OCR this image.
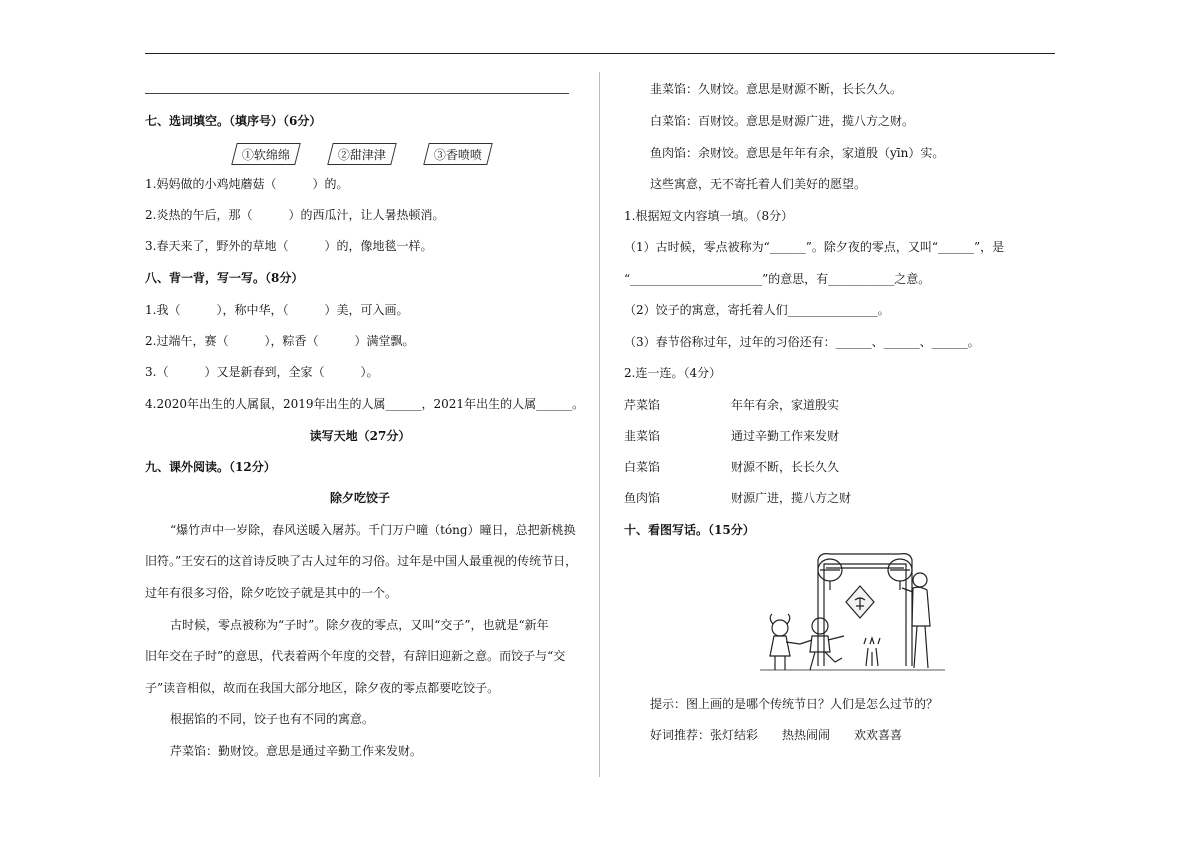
七、选词填空。（填序号）（6分）
①软绵绵	②甜津津	③香喷喷
1.妈妈做的小鸡炖蘑菇（　　　）的。
2.炎热的午后，那（　　　）的西瓜汁，让人暑热顿消。
3.春天来了，野外的草地（　　　）的，像地毯一样。
八、背一背，写一写。（8分）
1.我（　　　），称中华，（　　　）美，可入画。
2.过端午，赛（　　　），粽香（　　　）满堂飘。
3.（　　　）又是新春到，全家（　　　）。
4.2020年出生的人属鼠，2019年出生的人属______，2021年出生的人属______。
读写天地（27分）
九、课外阅读。（12分）
除夕吃饺子
“爆竹声中一岁除，春风送暖入屠苏。千门万户曈（tóng）曈日，总把新桃换
旧符。”王安石的这首诗反映了古人过年的习俗。过年是中国人最重视的传统节日，
过年有很多习俗，除夕吃饺子就是其中的一个。
古时候，零点被称为“子时”。除夕夜的零点，又叫“交子”，也就是“新年
旧年交在子时”的意思，代表着两个年度的交替，有辞旧迎新之意。而饺子与“交
子”读音相似，故而在我国大部分地区，除夕夜的零点都要吃饺子。
根据馅的不同，饺子也有不同的寓意。
芹菜馅：勤财饺。意思是通过辛勤工作来发财。
韭菜馅：久财饺。意思是财源不断，长长久久。
白菜馅：百财饺。意思是财源广进，揽八方之财。
鱼肉馅：余财饺。意思是年年有余，家道殷（yīn）实。
这些寓意，无不寄托着人们美好的愿望。
1.根据短文内容填一填。（8分）
（1）古时候，零点被称为“______”。除夕夜的零点，又叫“______”，是
“______________________”的意思，有___________之意。
（2）饺子的寓意，寄托着人们_______________。
（3）春节俗称过年，过年的习俗还有：______、______、______。
2.连一连。（4分）
芹菜馅	年年有余，家道殷实
韭菜馅	通过辛勤工作来发财
白菜馅	财源不断，长长久久
鱼肉馅	财源广进，揽八方之财
十、看图写话。（15分）
提示：图上画的是哪个传统节日？人们是怎么过节的？
好词推荐：张灯结彩　　热热闹闹　　欢欢喜喜
